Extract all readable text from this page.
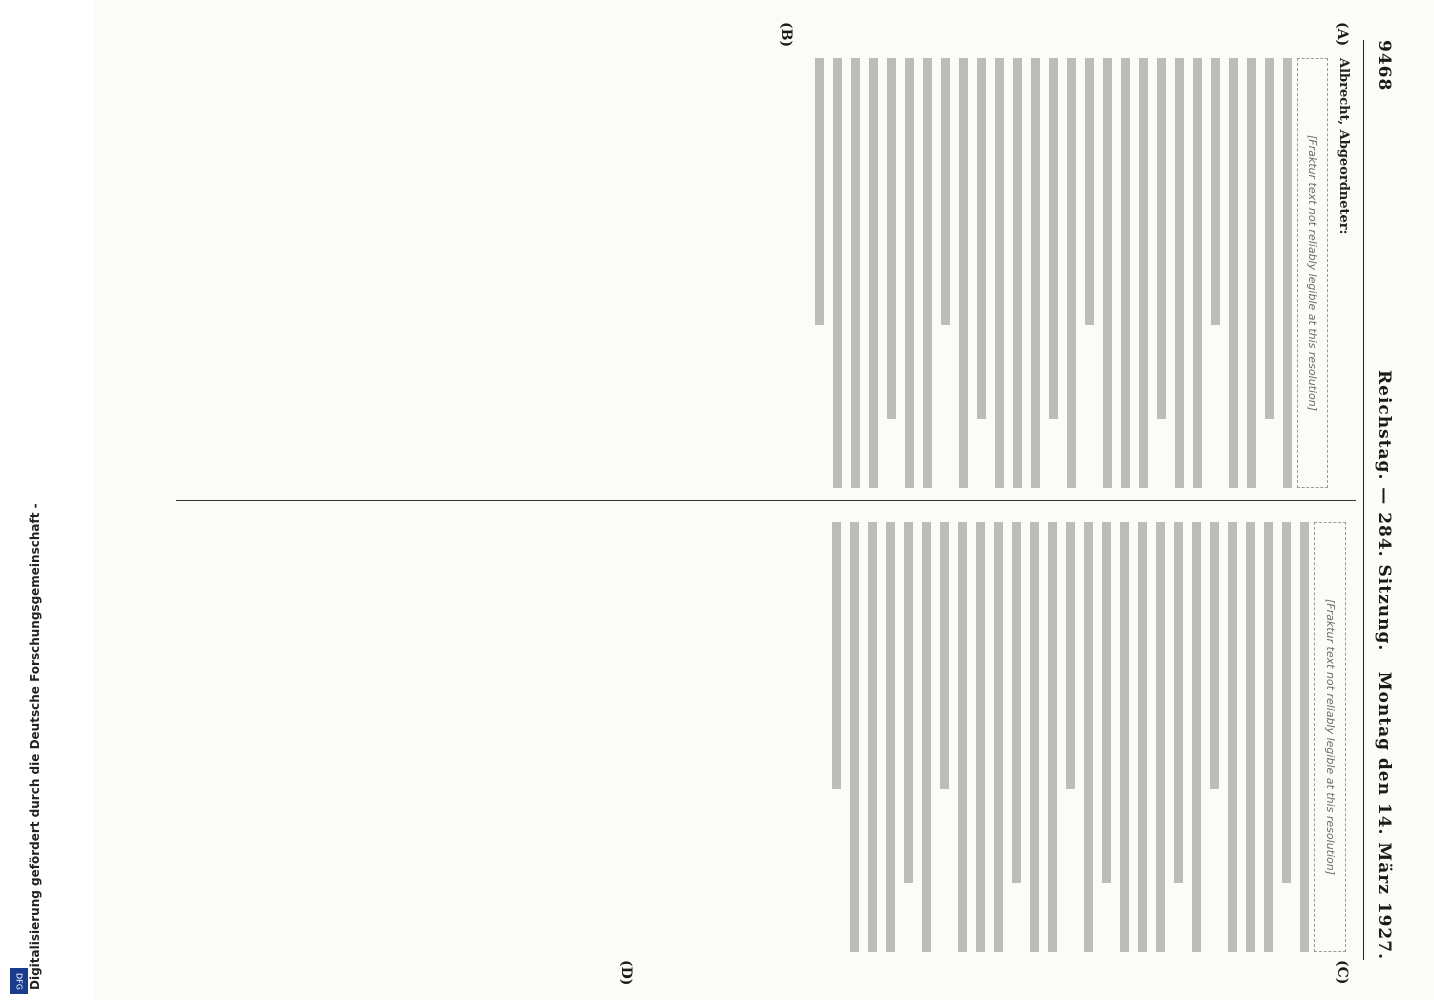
Digitalisierung gefördert durch die Deutsche Forschungsgemeinschaft -
DFG
9468
Reichstag. — 284. Sitzung.
Montag den 14. März 1927.
(A)
(B)
(C)
(D)
Albrecht, Abgeordneter:
[Fraktur text not reliably legible at this resolution]
[Fraktur text not reliably legible at this resolution]
